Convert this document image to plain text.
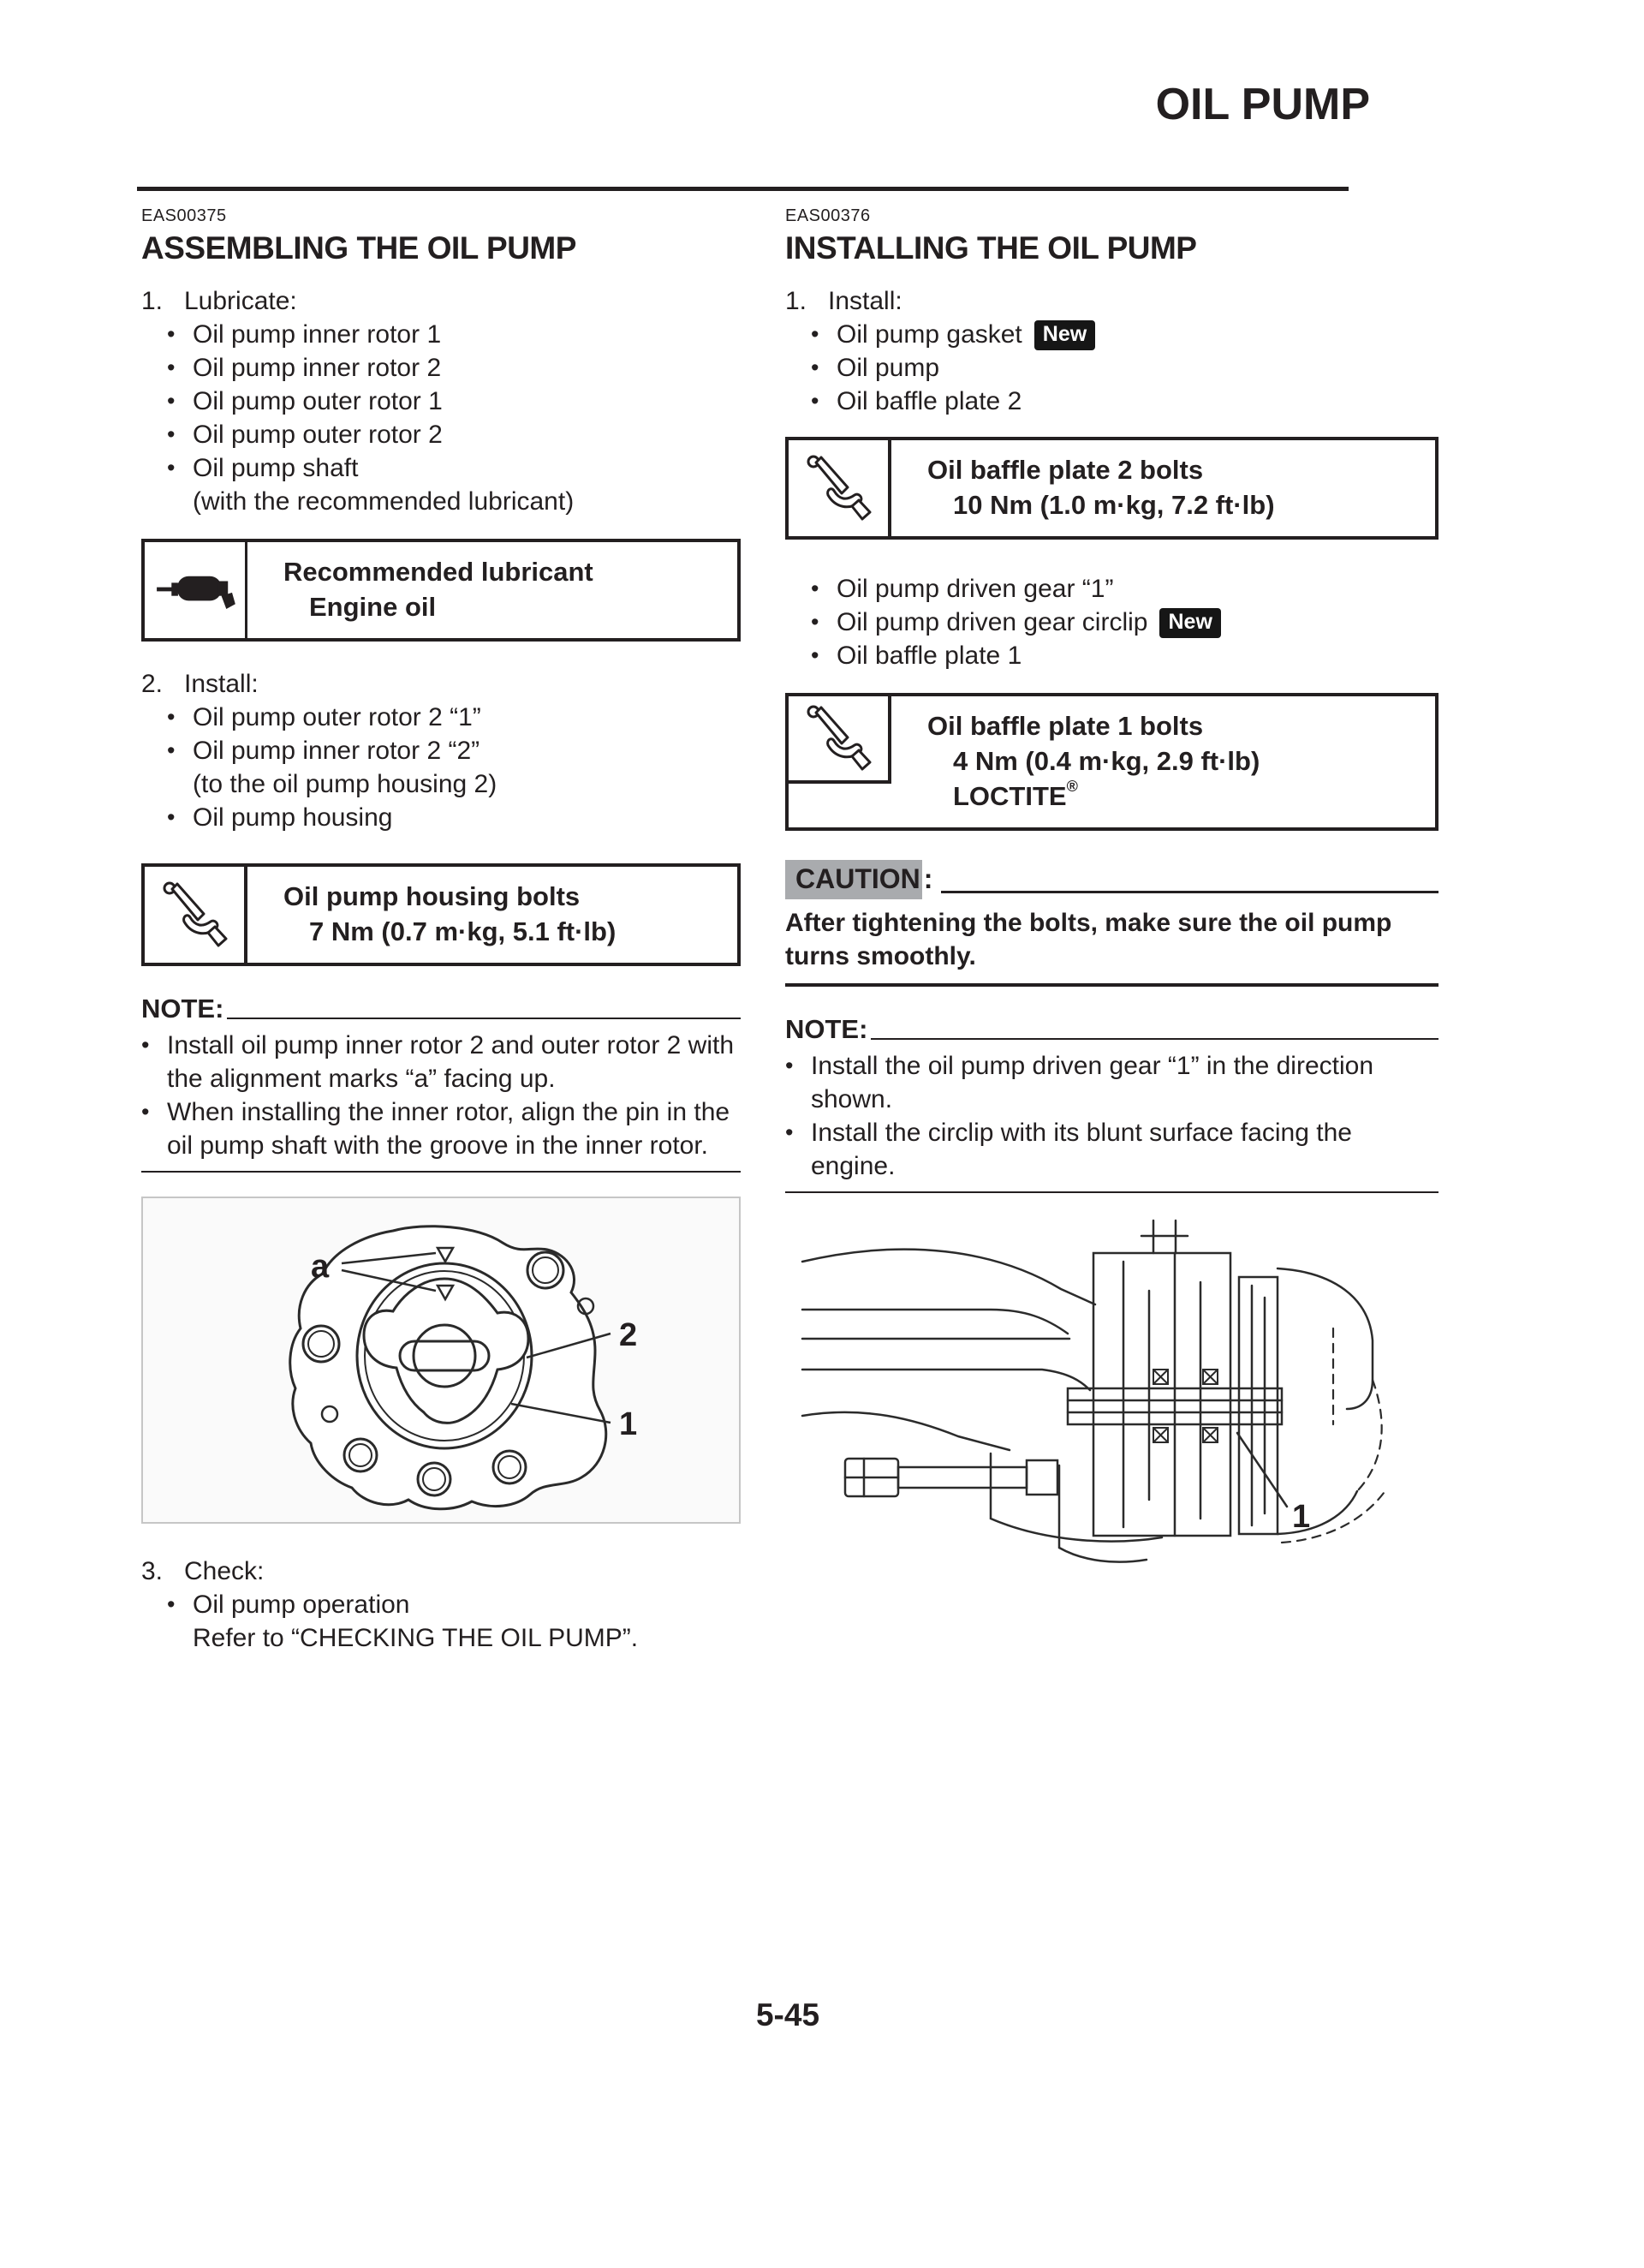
OIL PUMP

EAS00375

ASSEMBLING THE OIL PUMP
1. Lubricate:
• Oil pump inner rotor 1
• Oil pump inner rotor 2
• Oil pump outer rotor 1
• Oil pump outer rotor 2
• Oil pump shaft
(with the recommended lubricant)
Recommended lubricant
Engine oil
2. Install:
• Oil pump outer rotor 2 “1”
• Oil pump inner rotor 2 “2”
(to the oil pump housing 2)
• Oil pump housing
Oil pump housing bolts
7 Nm (0.7 m·kg, 5.1 ft·lb)
NOTE:
• Install oil pump inner rotor 2 and outer rotor 2 with the alignment marks “a” facing up.
• When installing the inner rotor, align the pin in the oil pump shaft with the groove in the inner rotor.
a
2
1
3. Check:
• Oil pump operation
Refer to “CHECKING THE OIL PUMP”.

EAS00376

INSTALLING THE OIL PUMP
1. Install:
• Oil pump gasket New
• Oil pump
• Oil baffle plate 2
Oil baffle plate 2 bolts
10 Nm (1.0 m·kg, 7.2 ft·lb)
• Oil pump driven gear “1”
• Oil pump driven gear circlip New
• Oil baffle plate 1
Oil baffle plate 1 bolts
4 Nm (0.4 m·kg, 2.9 ft·lb)
LOCTITE®
CAUTION :
After tightening the bolts, make sure the oil pump turns smoothly.
NOTE:
• Install the oil pump driven gear “1” in the direction shown.
• Install the circlip with its blunt surface facing the engine.
1
5-45
